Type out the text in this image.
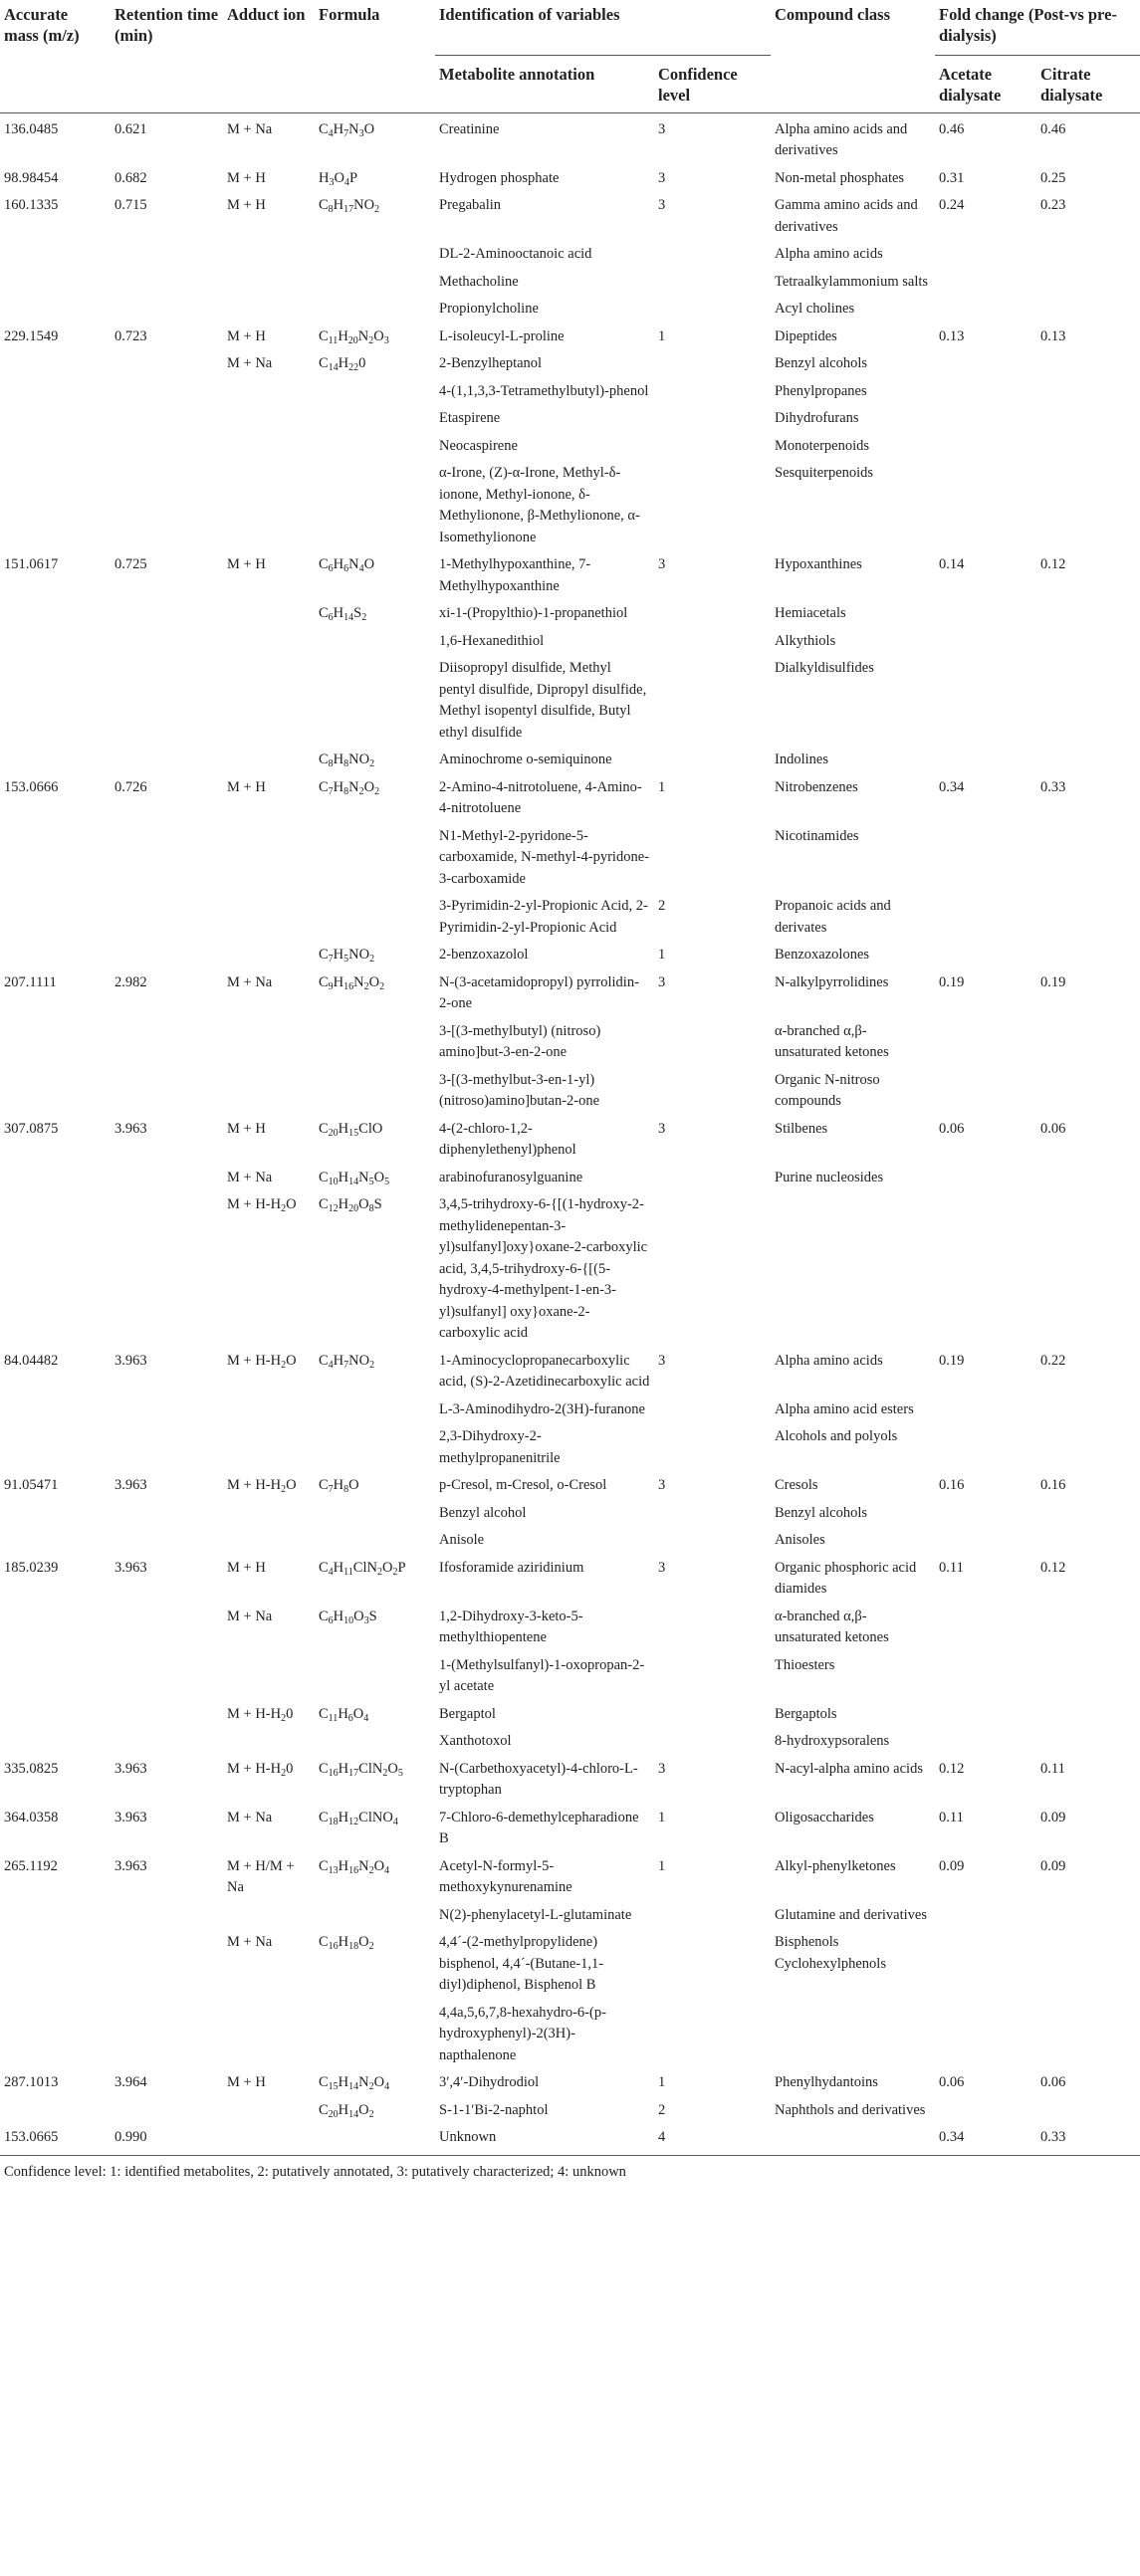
Accurate mass (m/z)	Retention time (min)	Adduct ion	Formula	Identification of variables		Compound class	Fold change (Post-vs pre-dialysis)	
				Metabolite annotation	Confidence level		Acetate dialysate	Citrate dialysate
136.0485	0.621	M + Na	$C_4H_7N_3O$	Creatinine	3	Alpha amino acids and derivatives	0.46	0.46
98.98454	0.682	M + H	$H_3O_4P$	Hydrogen phosphate	3	Non-metal phosphates	0.31	0.25
160.1335	0.715	M + H	$C_8H_{17}NO_2$	Pregabalin	3	Gamma amino acids and derivatives	0.24	0.23
				DL-2-Aminooctanoic acid		Alpha amino acids		
				Methacholine		Tetraalkylammonium salts		
				Propionylcholine		Acyl cholines		
229.1549	0.723	M + H	$C_{11}H_{20}N_2O_3$	L-isoleucyl-L-proline	1	Dipeptides	0.13	0.13
		M + Na	$C_{14}H_{22}0$	2-Benzylheptanol		Benzyl alcohols		
				4-(1,1,3,3-Tetramethylbutyl)-phenol		Phenylpropanes		
				Etaspirene		Dihydrofurans		
				Neocaspirene		Monoterpenoids		
				α-Irone, (Z)-α-Irone, Methyl-δ-ionone, Methyl-ionone, δ-Methylionone, β-Methylionone, α-Isomethylionone		Sesquiterpenoids		
151.0617	0.725	M + H	$C_6H_6N_4O$	1-Methylhypoxanthine, 7-Methylhypoxanthine	3	Hypoxanthines	0.14	0.12
			$C_6H_{14}S_2$	xi-1-(Propylthio)-1-propanethiol		Hemiacetals		
				1,6-Hexanedithiol		Alkythiols		
				Diisopropyl disulfide, Methyl pentyl disulfide, Dipropyl disulfide, Methyl isopentyl disulfide, Butyl ethyl disulfide		Dialkyldisulfides		
			$C_8H_8NO_2$	Aminochrome o-semiquinone		Indolines		
153.0666	0.726	M + H	$C_7H_8N_2O_2$	2-Amino-4-nitrotoluene, 4-Amino-4-nitrotoluene	1	Nitrobenzenes	0.34	0.33
				N1-Methyl-2-pyridone-5-carboxamide, N-methyl-4-pyridone-3-carboxamide		Nicotinamides		
				3-Pyrimidin-2-yl-Propionic Acid, 2-Pyrimidin-2-yl-Propionic Acid	2	Propanoic acids and derivates		
			$C_7H_5NO_2$	2-benzoxazolol	1	Benzoxazolones		
207.1111	2.982	M + Na	$C_9H_{16}N_2O_2$	N-(3-acetamidopropyl) pyrrolidin-2-one	3	N-alkylpyrrolidines	0.19	0.19
				3-[(3-methylbutyl) (nitroso) amino]but-3-en-2-one		α-branched α,β-unsaturated ketones		
				3-[(3-methylbut-3-en-1-yl) (nitroso)amino]butan-2-one		Organic N-nitroso compounds		
307.0875	3.963	M + H	$C_{20}H_{15}ClO$	4-(2-chloro-1,2-diphenylethenyl)phenol	3	Stilbenes	0.06	0.06
		M + Na	$C_{10}H_{14}N_5O_5$	arabinofuranosylguanine		Purine nucleosides		
		$M + H-H_2O$	$C_{12}H_{20}O_8S$	3,4,5-trihydroxy-6-{[(1-hydroxy-2-methylidenepentan-3-yl)sulfanyl]oxy}oxane-2-carboxylic acid, 3,4,5-trihydroxy-6-{[(5-hydroxy-4-methylpent-1-en-3-yl)sulfanyl] oxy}oxane-2-carboxylic acid				
84.04482	3.963	$M + H-H_2O$	$C_4H_7NO_2$	1-Aminocyclopropanecarboxylic acid, (S)-2-Azetidinecarboxylic acid	3	Alpha amino acids	0.19	0.22
				L-3-Aminodihydro-2(3H)-furanone		Alpha amino acid esters		
				2,3-Dihydroxy-2-methylpropanenitrile		Alcohols and polyols		
91.05471	3.963	$M + H-H_2O$	$C_7H_8O$	p-Cresol, m-Cresol, o-Cresol	3	Cresols	0.16	0.16
				Benzyl alcohol		Benzyl alcohols		
				Anisole		Anisoles		
185.0239	3.963	M + H	$C_4H_{11}ClN_2O_2P$	Ifosforamide aziridinium	3	Organic phosphoric acid diamides	0.11	0.12
		M + Na	$C_6H_{10}O_3S$	1,2-Dihydroxy-3-keto-5-methylthiopentene		α-branched α,β-unsaturated ketones		
				1-(Methylsulfanyl)-1-oxopropan-2-yl acetate		Thioesters		
		$M + H-H_20$	$C_{11}H_6O_4$	Bergaptol		Bergaptols		
				Xanthotoxol		8-hydroxypsoralens		
335.0825	3.963	$M + H-H_20$	$C_{16}H_{17}ClN_2O_5$	N-(Carbethoxyacetyl)-4-chloro-L-tryptophan	3	N-acyl-alpha amino acids	0.12	0.11
364.0358	3.963	M + Na	$C_{18}H_{12}ClNO_4$	7-Chloro-6-demethylcepharadione B	1	Oligosaccharides	0.11	0.09
265.1192	3.963	M + H/M + Na	$C_{13}H_{16}N_2O_4$	Acetyl-N-formyl-5-methoxykynurenamine	1	Alkyl-phenylketones	0.09	0.09
				N(2)-phenylacetyl-L-glutaminate		Glutamine and derivatives		
		M + Na	$C_{16}H_{18}O_2$	4,4´-(2-methylpropylidene) bisphenol, 4,4´-(Butane-1,1-diyl)diphenol, Bisphenol B		Bisphenols Cyclohexylphenols		
				4,4a,5,6,7,8-hexahydro-6-(p-hydroxyphenyl)-2(3H)-napthalenone				
287.1013	3.964	M + H	$C_{15}H_{14}N_2O_4$	3′,4′-Dihydrodiol	1	Phenylhydantoins	0.06	0.06
			$C_{20}H_{14}O_2$	S-1-1′Bi-2-naphtol	2	Naphthols and derivatives		
153.0665	0.990			Unknown	4		0.34	0.33
Confidence level: 1: identified metabolites, 2: putatively annotated, 3: putatively characterized; 4: unknown
